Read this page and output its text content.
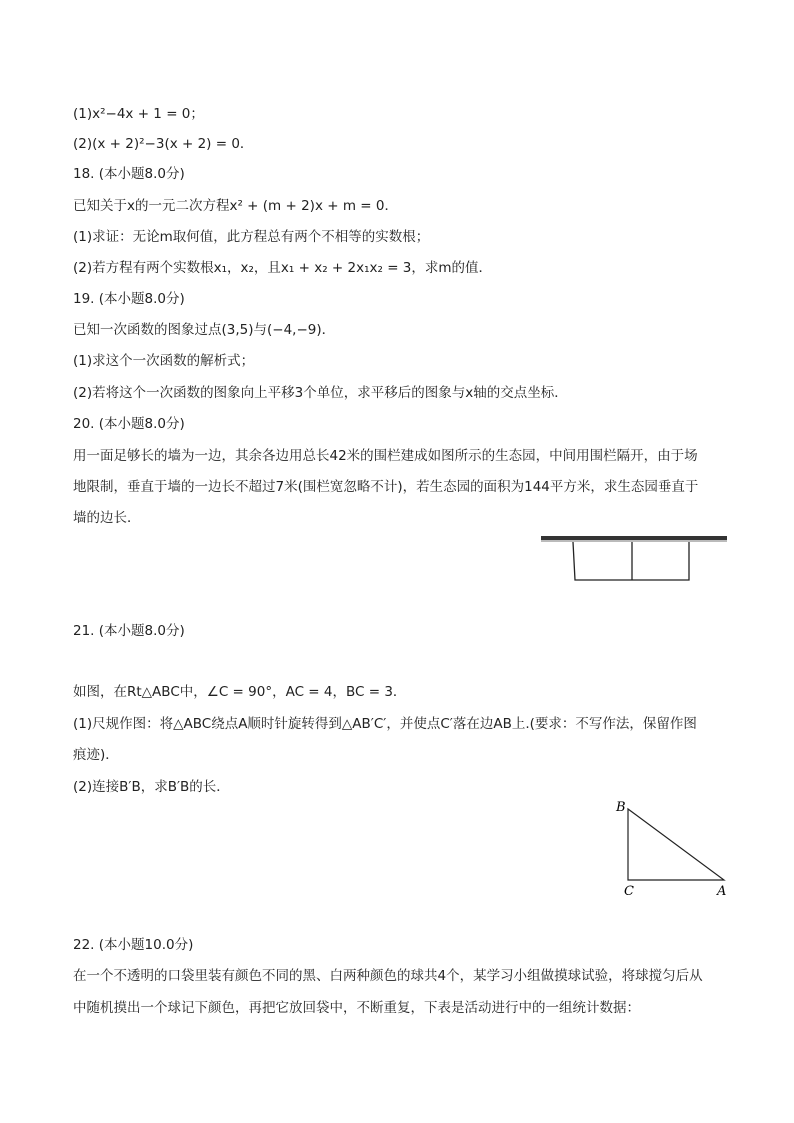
(1)x²−4x + 1 = 0；
(2)(x + 2)²−3(x + 2) = 0．
18. (本小题8.0分)
已知关于x的一元二次方程x² + (m + 2)x + m = 0．
(1)求证：无论m取何值，此方程总有两个不相等的实数根；
(2)若方程有两个实数根x₁，x₂，且x₁ + x₂ + 2x₁x₂ = 3，求m的值．
19. (本小题8.0分)
已知一次函数的图象过点(3,5)与(−4,−9)．
(1)求这个一次函数的解析式；
(2)若将这个一次函数的图象向上平移3个单位，求平移后的图象与x轴的交点坐标．
20. (本小题8.0分)
用一面足够长的墙为一边，其余各边用总长42米的围栏建成如图所示的生态园，中间用围栏隔开，由于场
地限制，垂直于墙的一边长不超过7米(围栏宽忽略不计)，若生态园的面积为144平方米，求生态园垂直于
墙的边长．
21. (本小题8.0分)
如图，在Rt△ABC中，∠C = 90°，AC = 4，BC = 3．
(1)尺规作图：将△ABC绕点A顺时针旋转得到△AB′C′，并使点C′落在边AB上.(要求：不写作法，保留作图
痕迹)．
(2)连接B′B，求B′B的长．
B
C	A
22. (本小题10.0分)
在一个不透明的口袋里装有颜色不同的黑、白两种颜色的球共4个，某学习小组做摸球试验，将球搅匀后从
中随机摸出一个球记下颜色，再把它放回袋中，不断重复，下表是活动进行中的一组统计数据：
